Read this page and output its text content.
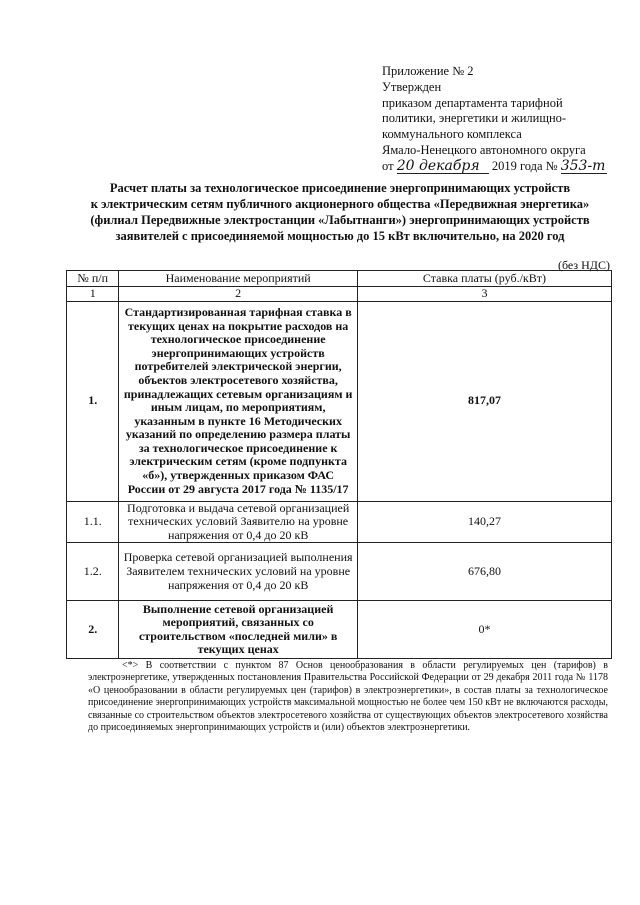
Приложение № 2
Утвержден
приказом департамента тарифной
политики, энергетики и жилищно-
коммунального комплекса
Ямало-Ненецкого автономного округа
от 20 декабря 2019 года № 353-т
Расчет платы за технологическое присоединение энергопринимающих устройств
к электрическим сетям публичного акционерного общества «Передвижная энергетика»
(филиал Передвижные электростанции «Лабытнанги») энергопринимающих устройств
заявителей с присоединяемой мощностью до 15 кВт включительно, на 2020 год
(без НДС)
№ п/п	Наименование мероприятий	Ставка платы (руб./кВт)
1	2	3
1.	Стандартизированная тарифная ставка в текущих ценах на покрытие расходов на технологическое присоединение энергопринимающих устройств потребителей электрической энергии, объектов электросетевого хозяйства, принадлежащих сетевым организациям и иным лицам, по мероприятиям, указанным в пункте 16 Методических указаний по определению размера платы за технологическое присоединение к электрическим сетям (кроме подпункта «б»), утвержденных приказом ФАС России от 29 августа 2017 года № 1135/17	817,07
1.1.	Подготовка и выдача сетевой организацией технических условий Заявителю на уровне напряжения от 0,4 до 20 кВ	140,27
1.2.	Проверка сетевой организацией выполнения Заявителем технических условий на уровне напряжения от 0,4 до 20 кВ	676,80
2.	Выполнение сетевой организацией мероприятий, связанных со строительством «последней мили» в текущих ценах	0*

<*> В соответствии с пунктом 87 Основ ценообразования в области регулируемых цен (тарифов) в электроэнергетике, утвержденных постановления Правительства Российской Федерации от 29 декабря 2011 года № 1178 «О ценообразовании в области регулируемых цен (тарифов) в электроэнергетики», в состав платы за технологическое присоединение энергопринимающих устройств максимальной мощностью не более чем 150 кВт не включаются расходы, связанные со строительством объектов электросетевого хозяйства от существующих объектов электросетевого хозяйства до присоединяемых энергопринимающих устройств и (или) объектов электроэнергетики.
